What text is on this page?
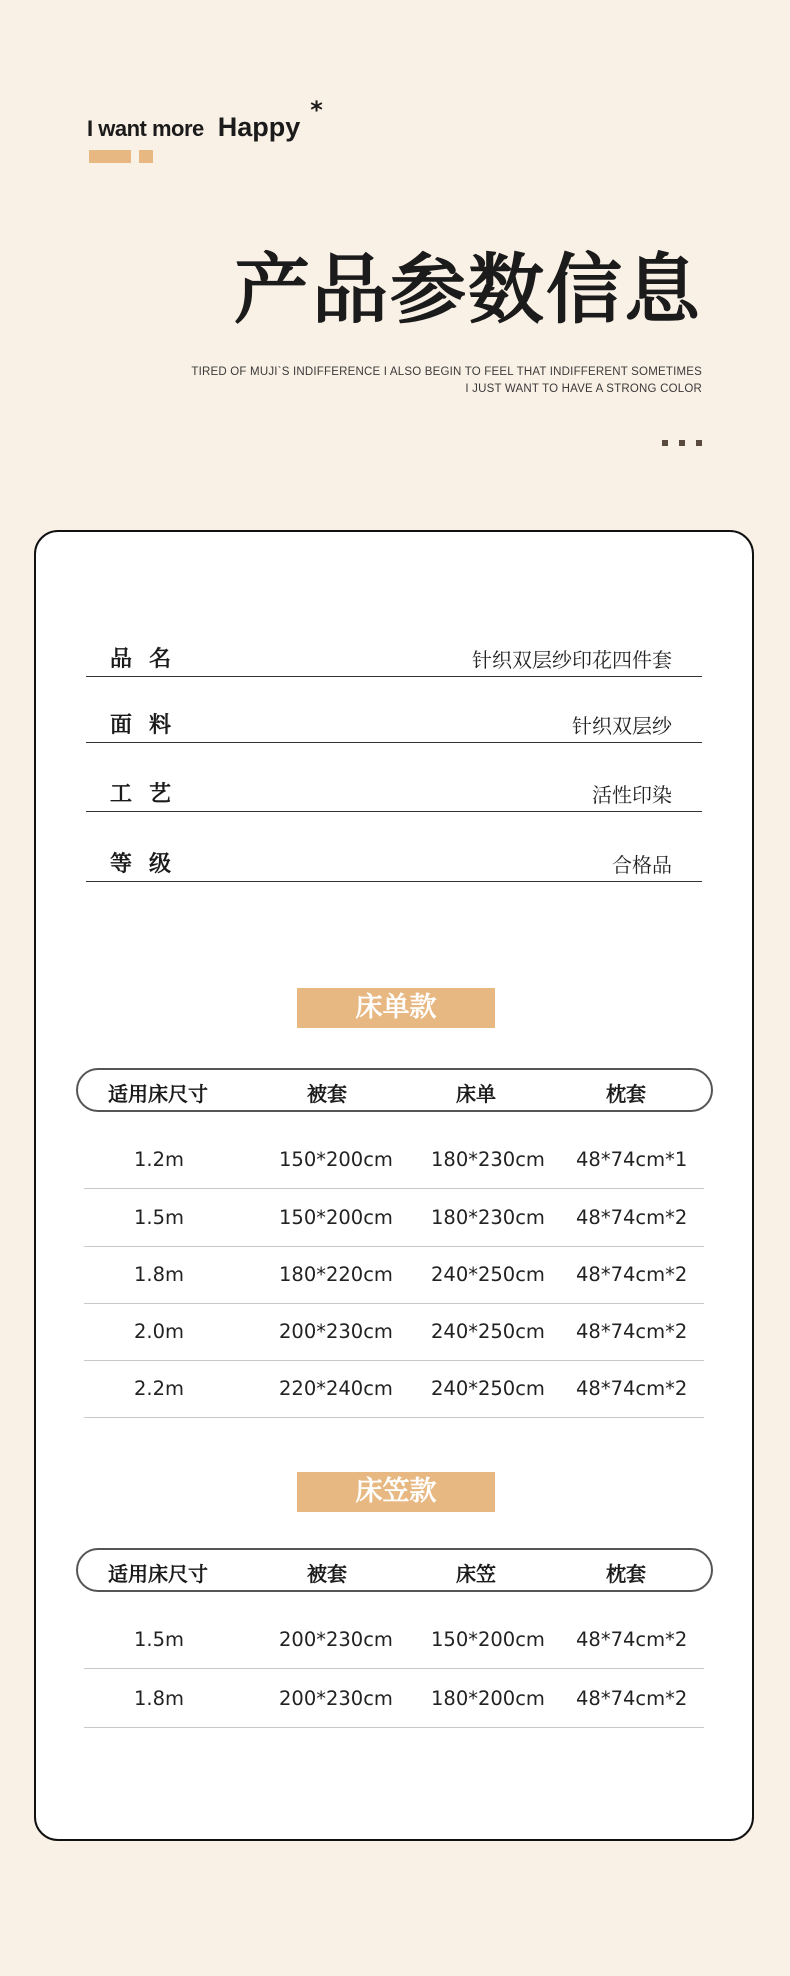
I want more Happy
*
产品参数信息
TIRED OF MUJI`S INDIFFERENCE I ALSO BEGIN TO FEEL THAT INDIFFERENT SOMETIMES
I JUST WANT TO HAVE A STRONG COLOR
品名	针织双层纱印花四件套
面料	针织双层纱
工艺	活性印染
等级	合格品
床单款
适用床尺寸	被套	床单	枕套
1.2m	150*200cm 180*230cm 48*74cm*1
1.5m	150*200cm 180*230cm 48*74cm*2
1.8m	180*220cm 240*250cm 48*74cm*2
2.0m	200*230cm 240*250cm 48*74cm*2
2.2m	220*240cm 240*250cm 48*74cm*2
床笠款
适用床尺寸	被套	床笠	枕套
1.5m	200*230cm 150*200cm 48*74cm*2
1.8m	200*230cm 180*200cm 48*74cm*2
